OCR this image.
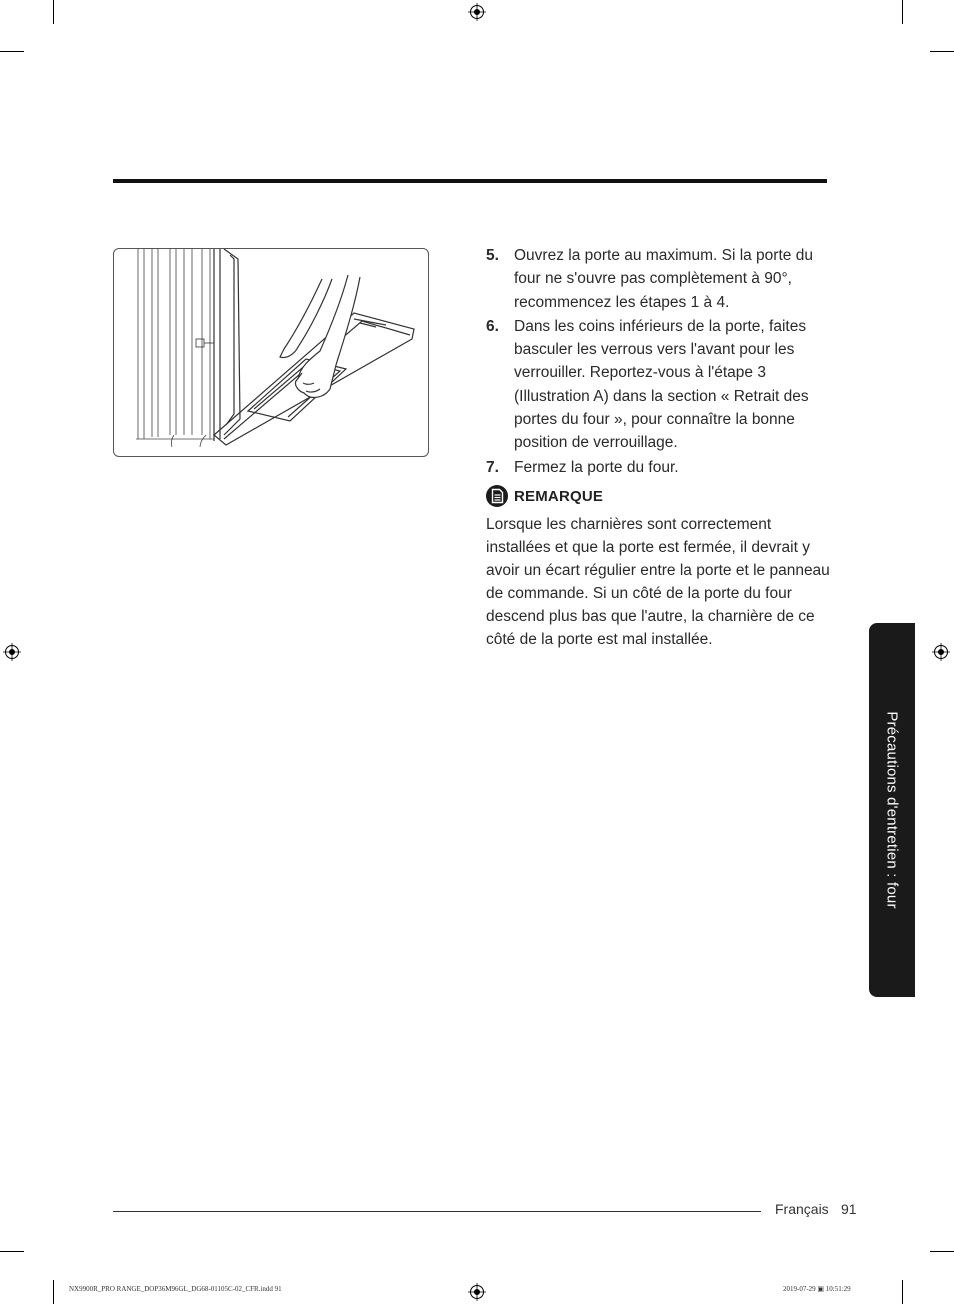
5. Ouvrez la porte au maximum. Si la porte du four ne s'ouvre pas complètement à 90°, recommencez les étapes 1 à 4.
6. Dans les coins inférieurs de la porte, faites basculer les verrous vers l'avant pour les verrouiller. Reportez-vous à l'étape 3 (Illustration A) dans la section « Retrait des portes du four », pour connaître la bonne position de verrouillage.
7. Fermez la porte du four.
REMARQUE

Lorsque les charnières sont correctement installées et que la porte est fermée, il devrait y avoir un écart régulier entre la porte et le panneau de commande. Si un côté de la porte du four descend plus bas que l'autre, la charnière de ce côté de la porte est mal installée.

Précautions d'entretien : four
Français 91
NX9900R_PRO RANGE_DOP36M96GL_DG68-01105C-02_CFR.indd 91	2019-07-29 ▣ 10:51:29
